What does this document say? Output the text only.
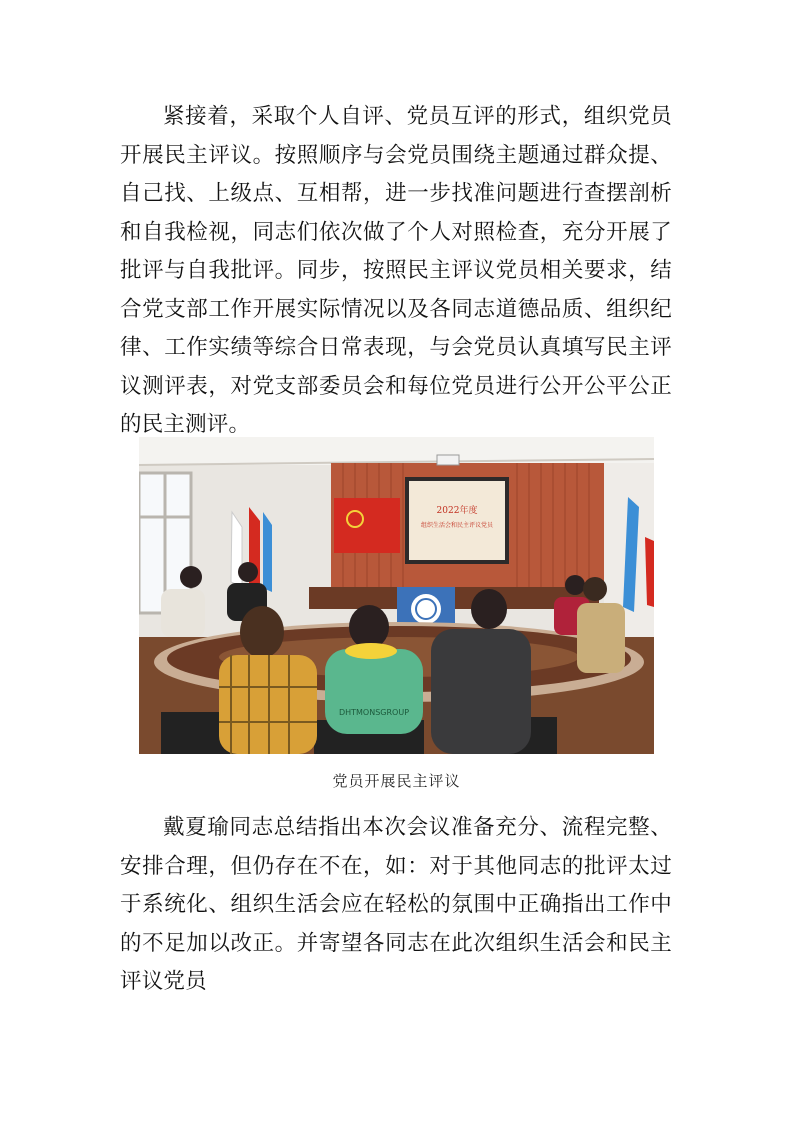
紧接着，采取个人自评、党员互评的形式，组织党员开展民主评议。按照顺序与会党员围绕主题通过群众提、自己找、上级点、互相帮，进一步找准问题进行查摆剖析和自我检视，同志们依次做了个人对照检查，充分开展了批评与自我批评。同步，按照民主评议党员相关要求，结合党支部工作开展实际情况以及各同志道德品质、组织纪律、工作实绩等综合日常表现，与会党员认真填写民主评议测评表，对党支部委员会和每位党员进行公开公平公正的民主测评。

2022年度
组织生活会和民主评议党员
DHTMONSGROUP
党员开展民主评议

戴夏瑜同志总结指出本次会议准备充分、流程完整、安排合理，但仍存在不在，如：对于其他同志的批评太过于系统化、组织生活会应在轻松的氛围中正确指出工作中的不足加以改正。并寄望各同志在此次组织生活会和民主评议党员
